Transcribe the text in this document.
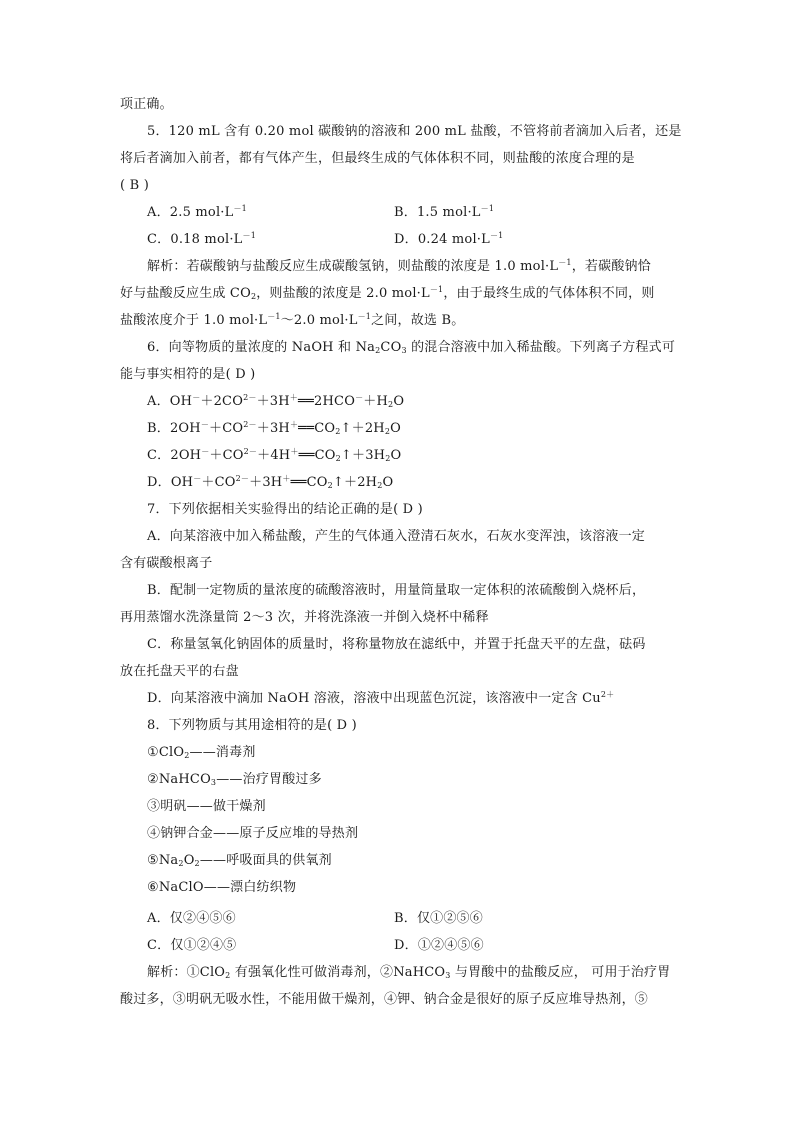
项正确。
5．120 mL 含有 0.20 mol 碳酸钠的溶液和 200 mL 盐酸，不管将前者滴加入后者，还是
将后者滴加入前者，都有气体产生，但最终生成的气体体积不同，则盐酸的浓度合理的是
( B )
A．2.5 $mol\cdot L^{-1}$	B．1.5 $mol\cdot L^{-1}$
C．0.18 $mol\cdot L^{-1}$	D．0.24 $mol\cdot L^{-1}$
解析：若碳酸钠与盐酸反应生成碳酸氢钠，则盐酸的浓度是 1.0 $mol\cdot L^{-1}$，若碳酸钠恰
好与盐酸反应生成 $CO_2$，则盐酸的浓度是 2.0 $mol\cdot L^{-1}$，由于最终生成的气体体积不同，则
盐酸浓度介于 1.0 $mol\cdot L^{-1}\sim 2.0$ $mol\cdot L^{-1}$之间，故选 B。
6．向等物质的量浓度的 NaOH 和 $Na_2CO_3$ 的混合溶液中加入稀盐酸。下列离子方程式可
能与事实相符的是( D )
A．$OH^-+2CO^{2-}+3H^+══2HCO^-+H_2O$
B．$2OH^-+CO^{2-}+3H^+══CO_2↑+2H_2O$
C．$2OH^-+CO^{2-}+4H^+══CO_2↑+3H_2O$
D．$OH^-+CO^{2-}+3H^+══CO_2↑+2H_2O$
7．下列依据相关实验得出的结论正确的是( D )
A．向某溶液中加入稀盐酸，产生的气体通入澄清石灰水，石灰水变浑浊，该溶液一定
含有碳酸根离子
B．配制一定物质的量浓度的硫酸溶液时，用量筒量取一定体积的浓硫酸倒入烧杯后，
再用蒸馏水洗涤量筒 2～3 次，并将洗涤液一并倒入烧杯中稀释
C．称量氢氧化钠固体的质量时，将称量物放在滤纸中，并置于托盘天平的左盘，砝码
放在托盘天平的右盘
D．向某溶液中滴加 NaOH 溶液，溶液中出现蓝色沉淀，该溶液中一定含 $Cu^{2+}$
8．下列物质与其用途相符的是( D )
①ClO$_2$——消毒剂
②NaHCO$_3$——治疗胃酸过多
③明矾——做干燥剂
④钠钾合金——原子反应堆的导热剂
$⑤Na_2O_2——$呼吸面具的供氧剂
⑥NaClO——漂白纺织物
A．仅②④⑤⑥	B．仅①②⑤⑥
C．仅①②④⑤	D．①②④⑤⑥
解析：①ClO$_2$ 有强氧化性可做消毒剂，②NaHCO$_3$ 与胃酸中的盐酸反应， 可用于治疗胃
酸过多，③明矾无吸水性，不能用做干燥剂，④钾、钠合金是很好的原子反应堆导热剂，⑤
